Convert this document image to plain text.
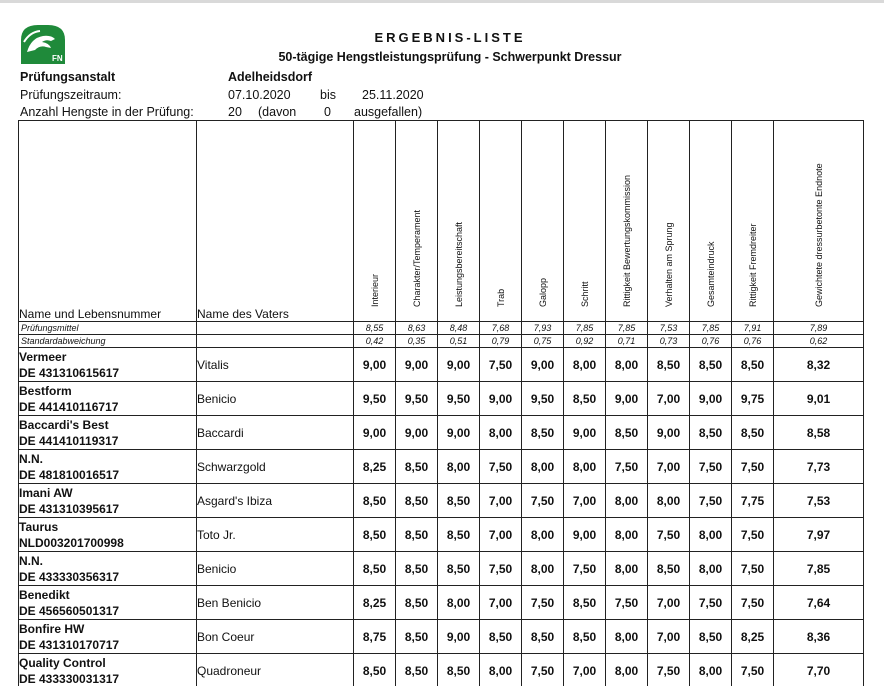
FN
ERGEBNIS-LISTE
50-tägige Hengstleistungsprüfung - Schwerpunkt Dressur
Prüfungsanstalt	Adelheidsdorf
Prüfungszeitraum:	07.10.2020 bis 25.11.2020
Anzahl Hengste in der Prüfung:	20 (davon 0 ausgefallen)
Name und Lebensnummer	Name des Vaters	Interieur	Charakter/Temperament	Leistungsbereitschaft	Trab	Galopp	Schritt	Rittigkeit Bewertungskommission	Verhalten am Sprung	Gesamteindruck	Rittigkeit Fremdreiter	Gewichtete dressurbetonte Endnote

Prüfungsmittel		8,55	8,63	8,48	7,68	7,93	7,85	7,85	7,53	7,85	7,91	7,89
Standardabweichung		0,42	0,35	0,51	0,79	0,75	0,92	0,71	0,73	0,76	0,76	0,62

Vermeer
DE 431310615617	Vitalis	9,00	9,00	9,00	7,50	9,00	8,00	8,00	8,50	8,50	8,50	8,32

Bestform
DE 441410116717	Benicio	9,50	9,50	9,50	9,00	9,50	8,50	9,00	7,00	9,00	9,75	9,01

Baccardi's Best
DE 441410119317	Baccardi	9,00	9,00	9,00	8,00	8,50	9,00	8,50	9,00	8,50	8,50	8,58

N.N.
DE 481810016517	Schwarzgold	8,25	8,50	8,00	7,50	8,00	8,00	7,50	7,00	7,50	7,50	7,73

Imani AW
DE 431310395617	Asgard's Ibiza	8,50	8,50	8,50	7,00	7,50	7,00	8,00	8,00	7,50	7,75	7,53

Taurus
NLD003201700998	Toto Jr.	8,50	8,50	8,50	7,00	8,00	9,00	8,00	7,50	8,00	7,50	7,97

N.N.
DE 433330356317	Benicio	8,50	8,50	8,50	7,50	8,00	7,50	8,00	8,50	8,00	7,50	7,85

Benedikt
DE 456560501317	Ben Benicio	8,25	8,50	8,00	7,00	7,50	8,50	7,50	7,00	7,50	7,50	7,64

Bonfire HW
DE 431310170717	Bon Coeur	8,75	8,50	9,00	8,50	8,50	8,50	8,00	7,00	8,50	8,25	8,36

Quality Control
DE 433330031317	Quadroneur	8,50	8,50	8,50	8,00	7,50	7,00	8,00	7,50	8,00	7,50	7,70
